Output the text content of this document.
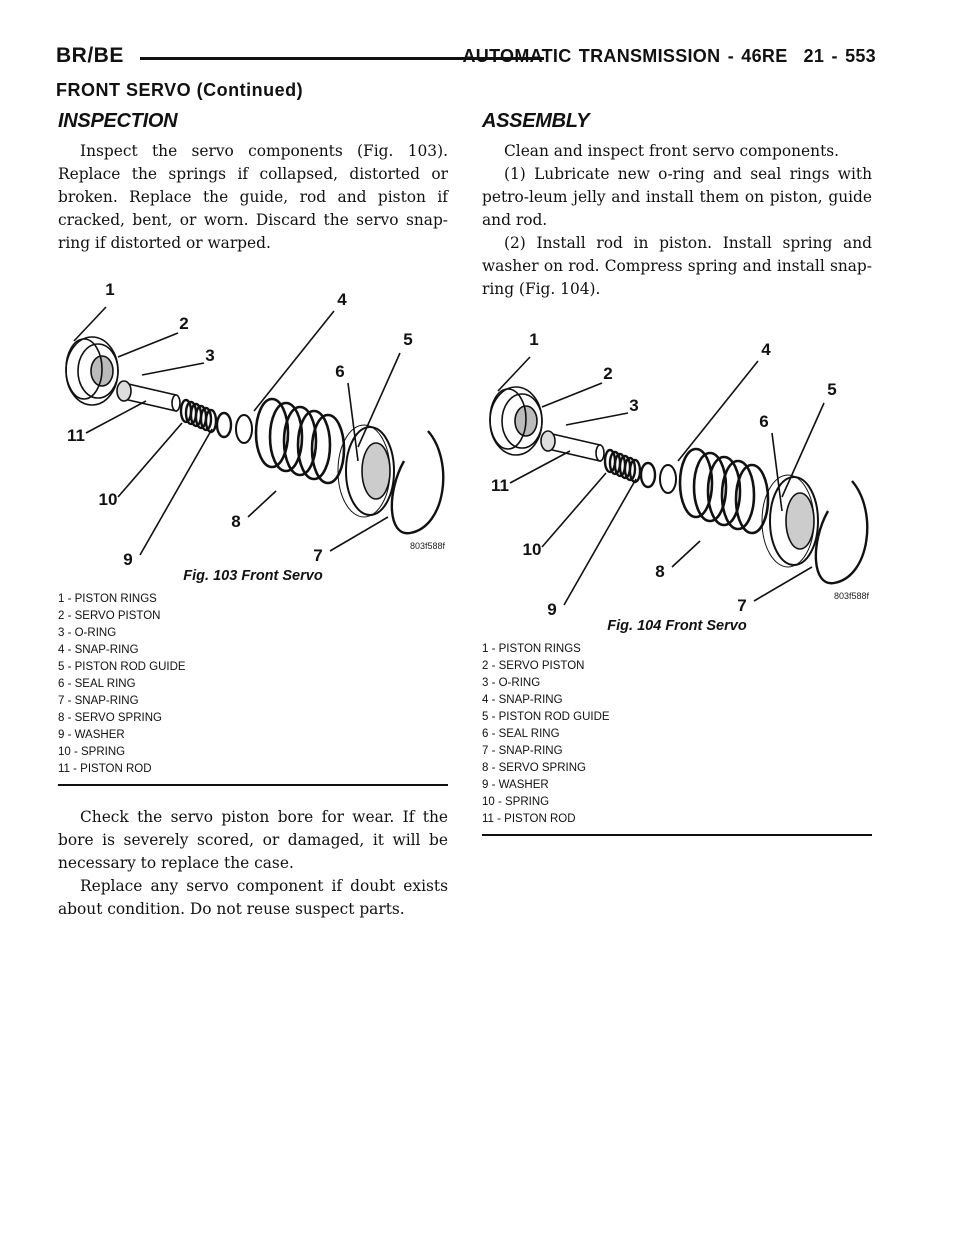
BR/BE	AUTOMATIC TRANSMISSION - 46RE 21 - 553
FRONT SERVO (Continued)
INSPECTION

Inspect the servo components (Fig. 103). Replace the springs if collapsed, distorted or broken. Replace the guide, rod and piston if cracked, bent, or worn. Discard the servo snap-ring if distorted or warped.

1
2
3
4
5
6
7
8
9
10
11
803f588f
Fig. 103 Front Servo
1 - PISTON RINGS
2 - SERVO PISTON
3 - O-RING
4 - SNAP-RING
5 - PISTON ROD GUIDE
6 - SEAL RING
7 - SNAP-RING
8 - SERVO SPRING
9 - WASHER
10 - SPRING
11 - PISTON ROD

Check the servo piston bore for wear. If the bore is severely scored, or damaged, it will be necessary to replace the case.

Replace any servo component if doubt exists about condition. Do not reuse suspect parts.

ASSEMBLY

Clean and inspect front servo components.

(1) Lubricate new o-ring and seal rings with petro-leum jelly and install them on piston, guide and rod.

(2) Install rod in piston. Install spring and washer on rod. Compress spring and install snap-ring (Fig. 104).

1
2
3
4
5
6
7
8
9
10
11
803f588f
Fig. 104 Front Servo
1 - PISTON RINGS
2 - SERVO PISTON
3 - O-RING
4 - SNAP-RING
5 - PISTON ROD GUIDE
6 - SEAL RING
7 - SNAP-RING
8 - SERVO SPRING
9 - WASHER
10 - SPRING
11 - PISTON ROD
